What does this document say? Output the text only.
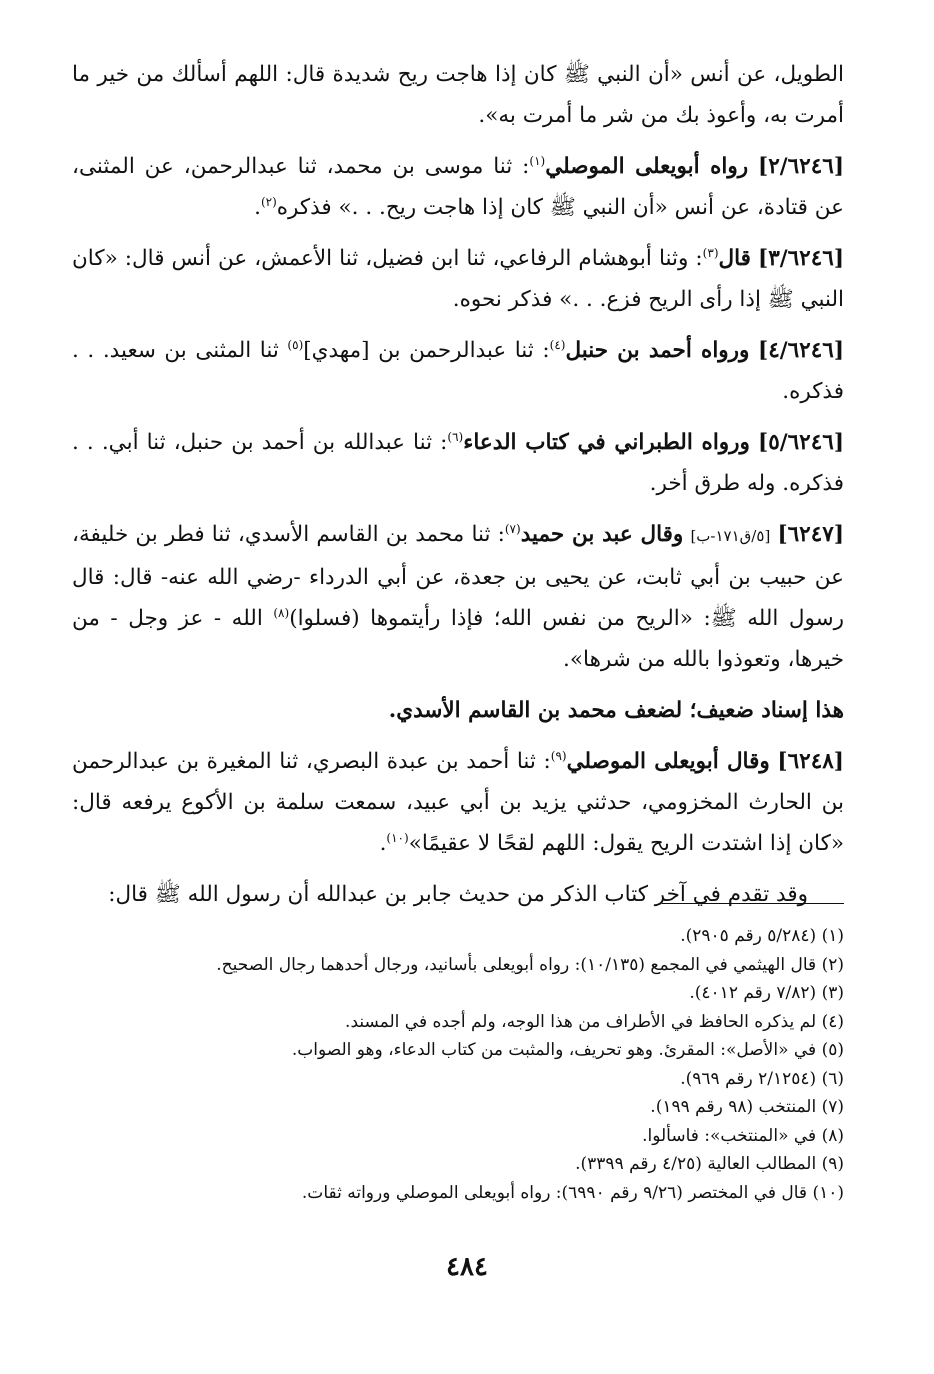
الطويل، عن أنس «أن النبي ﷺ كان إذا هاجت ريح شديدة قال: اللهم أسألك من خير ما أمرت به، وأعوذ بك من شر ما أمرت به».

[٢/٦٢٤٦] رواه أبويعلى الموصلي$^{(١)}$: ثنا موسى بن محمد، ثنا عبدالرحمن، عن المثنى، عن قتادة، عن أنس «أن النبي ﷺ كان إذا هاجت ريح. . .» فذكره$^{(٢)}$.

[٣/٦٢٤٦] قال$^{(٣)}$: وثنا أبوهشام الرفاعي، ثنا ابن فضيل، ثنا الأعمش، عن أنس قال: «كان النبي ﷺ إذا رأى الريح فزع. . .» فذكر نحوه.

[٤/٦٢٤٦] ورواه أحمد بن حنبل$^{(٤)}$: ثنا عبدالرحمن بن [مهدي]$^{(٥)}$ ثنا المثنى بن سعيد. . . فذكره.

[٥/٦٢٤٦] ورواه الطبراني في كتاب الدعاء$^{(٦)}$: ثنا عبدالله بن أحمد بن حنبل، ثنا أبي. . . فذكره. وله طرق أخر.

[٦٢٤٧] [٥/ق١٧١-ب] وقال عبد بن حميد$^{(٧)}$: ثنا محمد بن القاسم الأسدي، ثنا فطر بن خليفة، عن حبيب بن أبي ثابت، عن يحيى بن جعدة، عن أبي الدرداء -رضي الله عنه- قال: قال رسول الله ﷺ: «الريح من نفس الله؛ فإذا رأيتموها (فسلوا)$^{(٨)}$ الله - عز وجل - من خيرها، وتعوذوا بالله من شرها».

هذا إسناد ضعيف؛ لضعف محمد بن القاسم الأسدي.

[٦٢٤٨] وقال أبويعلى الموصلي$^{(٩)}$: ثنا أحمد بن عبدة البصري، ثنا المغيرة بن عبدالرحمن بن الحارث المخزومي، حدثني يزيد بن أبي عبيد، سمعت سلمة بن الأكوع يرفعه قال: «كان إذا اشتدت الريح يقول: اللهم لقحًا لا عقيمًا»$^{(١٠)}$.

وقد تقدم في آخر كتاب الذكر من حديث جابر بن عبدالله أن رسول الله ﷺ قال:

(١) (٥/٢٨٤ رقم ٢٩٠٥).
(٢) قال الهيثمي في المجمع (١٠/١٣٥): رواه أبويعلى بأسانيد، ورجال أحدهما رجال الصحيح.
(٣) (٧/٨٢ رقم ٤٠١٢).
(٤) لم يذكره الحافظ في الأطراف من هذا الوجه، ولم أجده في المسند.
(٥) في «الأصل»: المقرئ. وهو تحريف، والمثبت من كتاب الدعاء، وهو الصواب.
(٦) (٢/١٢٥٤ رقم ٩٦٩).
(٧) المنتخب (٩٨ رقم ١٩٩).
(٨) في «المنتخب»: فاسألوا.
(٩) المطالب العالية (٤/٢٥ رقم ٣٣٩٩).
(١٠) قال في المختصر (٩/٢٦ رقم ٦٩٩٠): رواه أبويعلى الموصلي ورواته ثقات.
٤٨٤
